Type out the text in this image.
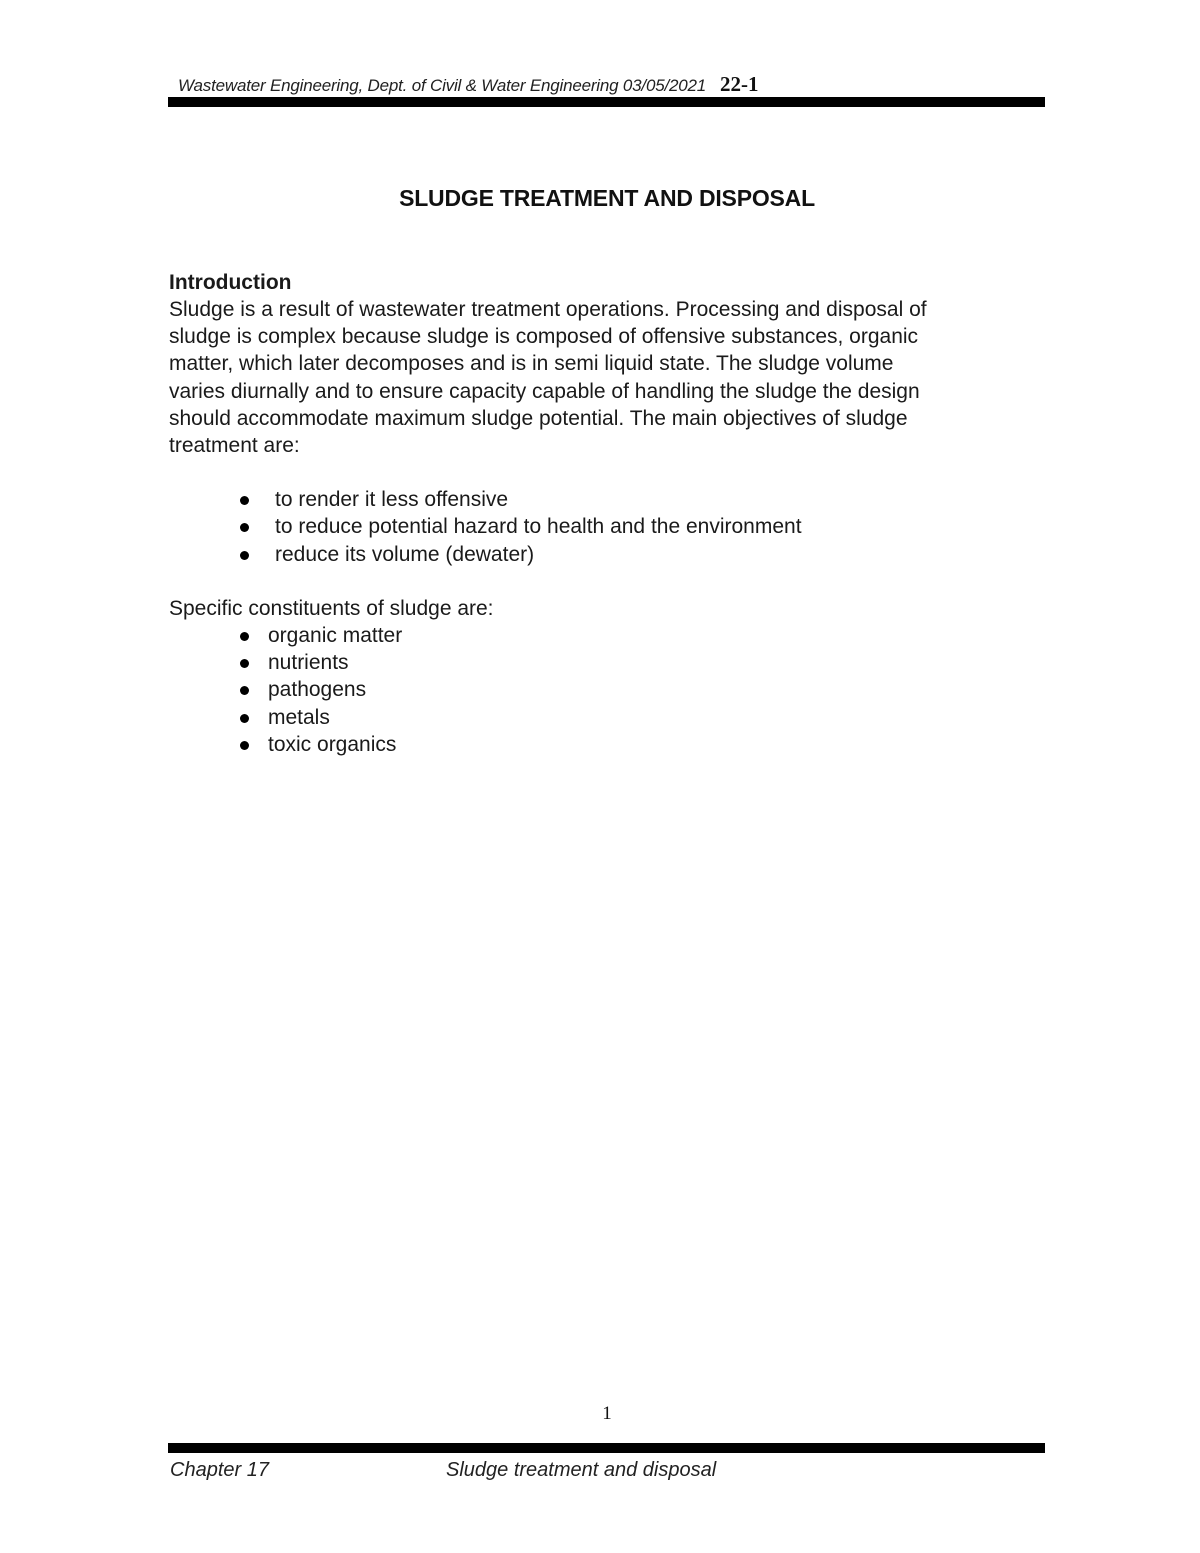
Wastewater Engineering, Dept. of Civil & Water Engineering 03/05/2021 22-1
SLUDGE TREATMENT AND DISPOSAL
Introduction

Sludge is a result of wastewater treatment operations. Processing and disposal of
sludge is complex because sludge is composed of offensive substances, organic
matter, which later decomposes and is in semi liquid state. The sludge volume
varies diurnally and to ensure capacity capable of handling the sludge the design
should accommodate maximum sludge potential. The main objectives of sludge
treatment are:

to render it less offensive
to reduce potential hazard to health and the environment
reduce its volume (dewater)
Specific constituents of sludge are:
organic matter
nutrients
pathogens
metals
toxic organics
1
Chapter 17	Sludge treatment and disposal
